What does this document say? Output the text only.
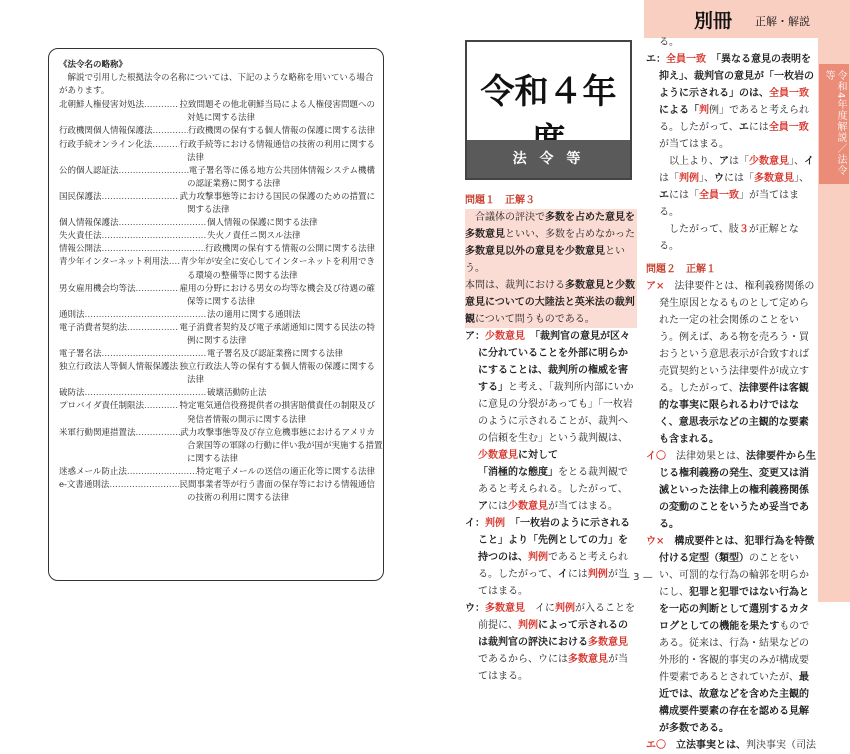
別冊 正解・解説
令和4年度解説／法令等
《法令名の略称》
解説で引用した根拠法令の名称については、下記のような略称を用いている場合があります。
北朝鮮人権侵害対処法 ……………………………………………………………………………	拉致問題その他北朝鮮当局による人権侵害問題への
対処に関する法律
行政機関個人情報保護法 ……………………………………………………………………………	行政機関の保有する個人情報の保護に関する法律
行政手続オンライン化法 ……………………………………………………………………………	行政手続等における情報通信の技術の利用に関する
法律
公的個人認証法 ……………………………………………………………………………	電子署名等に係る地方公共団体情報システム機構
の認証業務に関する法律
国民保護法 ……………………………………………………………………………	武力攻撃事態等における国民の保護のための措置に
関する法律
個人情報保護法 ……………………………………………………………………………	個人情報の保護に関する法律
失火責任法 ……………………………………………………………………………	失火ノ責任ニ関スル法律
情報公開法 ……………………………………………………………………………	行政機関の保有する情報の公開に関する法律
青少年インターネット利用法 …………………………………………………………………………… 青少年が安全に安心してインターネットを利用でき
る環境の整備等に関する法律
男女雇用機会均等法 ……………………………………………………………………………	雇用の分野における男女の均等な機会及び待遇の確
保等に関する法律
通則法 ……………………………………………………………………………	法の適用に関する通則法
電子消費者契約法 ……………………………………………………………………………	電子消費者契約及び電子承諾通知に関する民法の特
例に関する法律
電子署名法 ……………………………………………………………………………	電子署名及び認証業務に関する法律
独立行政法人等個人情報保護法 …………………………………………………………………………… 独立行政法人等の保有する個人情報の保護に関する
法律
破防法 ……………………………………………………………………………	破壊活動防止法
プロバイダ責任制限法 ……………………………………………………………………………	特定電気通信役務提供者の損害賠償責任の制限及び
発信者情報の開示に関する法律
米軍行動関連措置法 ……………………………………………………………………………	武力攻撃事態等及び存立危機事態におけるアメリカ
合衆国等の軍隊の行動に伴い我が国が実施する措置
に関する法律
迷惑メール防止法 ……………………………………………………………………………	特定電子メールの送信の適正化等に関する法律
e-文書通則法 ……………………………………………………………………………	民間事業者等が行う書面の保存等における情報通信
の技術の利用に関する法律
令和４年
法 令 等

問題１　正解３

合議体の評決で多数を占めた意見を多数意見といい、多数を占めなかった多数意見以外の意見を少数意見という。

本問は、裁判における多数意見と少数意見についての大陸法と英米法の裁判観について問うものである。

ア：少数意見　 「裁判官の意見が区々に分れていることを外部に明らかにすることは、裁判所の権威を害する」と考え、「裁判所内部にいかに意見の分裂があっても」「一枚岩のように示されることが、裁判への信頼を生む」という裁判観は、少数意見に対して「消極的な態度」をとる裁判観であると考えられる。したがって、アには少数意見が当てはまる。

イ：判例　 「一枚岩のように示されること」より「先例としての力」を持つのは、判例であると考えられる。したがって、イには判例が当てはまる。

ウ：多数意見　 イに判例が入ることを前提に、判例によって示されるのは裁判官の評決における多数意見であるから、ウには多数意見が当てはまる。

る。

エ：全員一致　 「異なる意見の表明を抑え」、裁判官の意見が「一枚岩のように示される」のは、全員一致による「判例」であると考えられる。したがって、エには全員一致が当てはまる。

以上より、アは「少数意見」、イは「判例」、ウには「多数意見」、エには「全員一致」が当てはまる。

したがって、肢３が正解となる。

問題２　正解１

ア×　 法律要件とは、権利義務関係の発生原因となるものとして定められた一定の社会関係のことをいう。例えば、ある物を売ろう・買おうという意思表示が合致すれば売買契約という法律要件が成立する。したがって、法律要件は客観的な事実に限られるわけではなく、意思表示などの主観的な要素も含まれる。

イ〇　 法律効果とは、法律要件から生じる権利義務の発生、変更又は消滅といった法律上の権利義務関係の変動のことをいうため妥当である。

ウ×　 構成要件とは、犯罪行為を特徴付ける定型（類型）のことをいい、可罰的な行為の輪郭を明らかにし、犯罪と犯罪ではない行為とを一応の判断として選別するカタログとしての機能を果たすものである。従来は、行為・結果などの外形的・客観的事実のみが構成要件要素であるとされていたが、最近では、故意などを含めた主観的構成要件要素の存在を認める見解が多数である。

エ〇　 立法事実とは、判決事実（司法

— 3 —
